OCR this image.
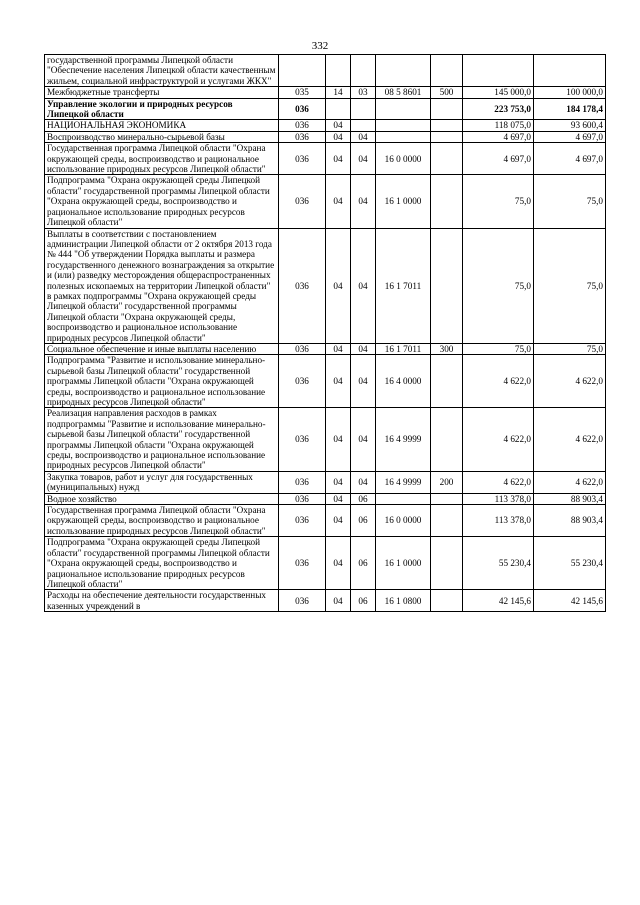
332
государственной программы Липецкой области "Обеспечение населения Липецкой области качественным жильем, социальной инфраструктурой и услугами ЖКХ"							
Межбюджетные трансферты	035	14	03	08 5 8601	500	145 000,0	100 000,0
Управление экологии и природных ресурсов Липецкой области	036					223 753,0	184 178,4
НАЦИОНАЛЬНАЯ ЭКОНОМИКА	036	04				118 075,0	93 600,4
Воспроизводство минерально-сырьевой базы	036	04	04			4 697,0	4 697,0
Государственная программа Липецкой области "Охрана окружающей среды, воспроизводство и рациональное использование природных ресурсов Липецкой области"	036	04	04	16 0 0000		4 697,0	4 697,0
Подпрограмма "Охрана окружающей среды Липецкой области" государственной программы Липецкой области "Охрана окружающей среды, воспроизводство и рациональное использование природных ресурсов Липецкой области"	036	04	04	16 1 0000		75,0	75,0
Выплаты в соответствии с постановлением администрации Липецкой области от 2 октября 2013 года № 444 "Об утверждении Порядка выплаты и размера государственного денежного вознаграждения за открытие и (или) разведку месторождения общераспространенных полезных ископаемых на территории Липецкой области" в рамках подпрограммы "Охрана окружающей среды Липецкой области" государственной программы Липецкой области "Охрана окружающей среды, воспроизводство и рациональное использование природных ресурсов Липецкой области"	036	04	04	16 1 7011		75,0	75,0
Социальное обеспечение и иные выплаты населению	036	04	04	16 1 7011	300	75,0	75,0
Подпрограмма "Развитие и использование минерально-сырьевой базы Липецкой области" государственной программы Липецкой области "Охрана окружающей среды, воспроизводство и рациональное использование природных ресурсов Липецкой области"	036	04	04	16 4 0000		4 622,0	4 622,0
Реализация направления расходов в рамках подпрограммы "Развитие и использование минерально-сырьевой базы Липецкой области" государственной программы Липецкой области "Охрана окружающей среды, воспроизводство и рациональное использование природных ресурсов Липецкой области"	036	04	04	16 4 9999		4 622,0	4 622,0
Закупка товаров, работ и услуг для государственных (муниципальных) нужд	036	04	04	16 4 9999	200	4 622,0	4 622,0
Водное хозяйство	036	04	06			113 378,0	88 903,4
Государственная программа Липецкой области "Охрана окружающей среды, воспроизводство и рациональное использование природных ресурсов Липецкой области"	036	04	06	16 0 0000		113 378,0	88 903,4
Подпрограмма "Охрана окружающей среды Липецкой области" государственной программы Липецкой области "Охрана окружающей среды, воспроизводство и рациональное использование природных ресурсов Липецкой области"	036	04	06	16 1 0000		55 230,4	55 230,4
Расходы на обеспечение деятельности государственных казенных учреждений в	036	04	06	16 1 0800		42 145,6	42 145,6
